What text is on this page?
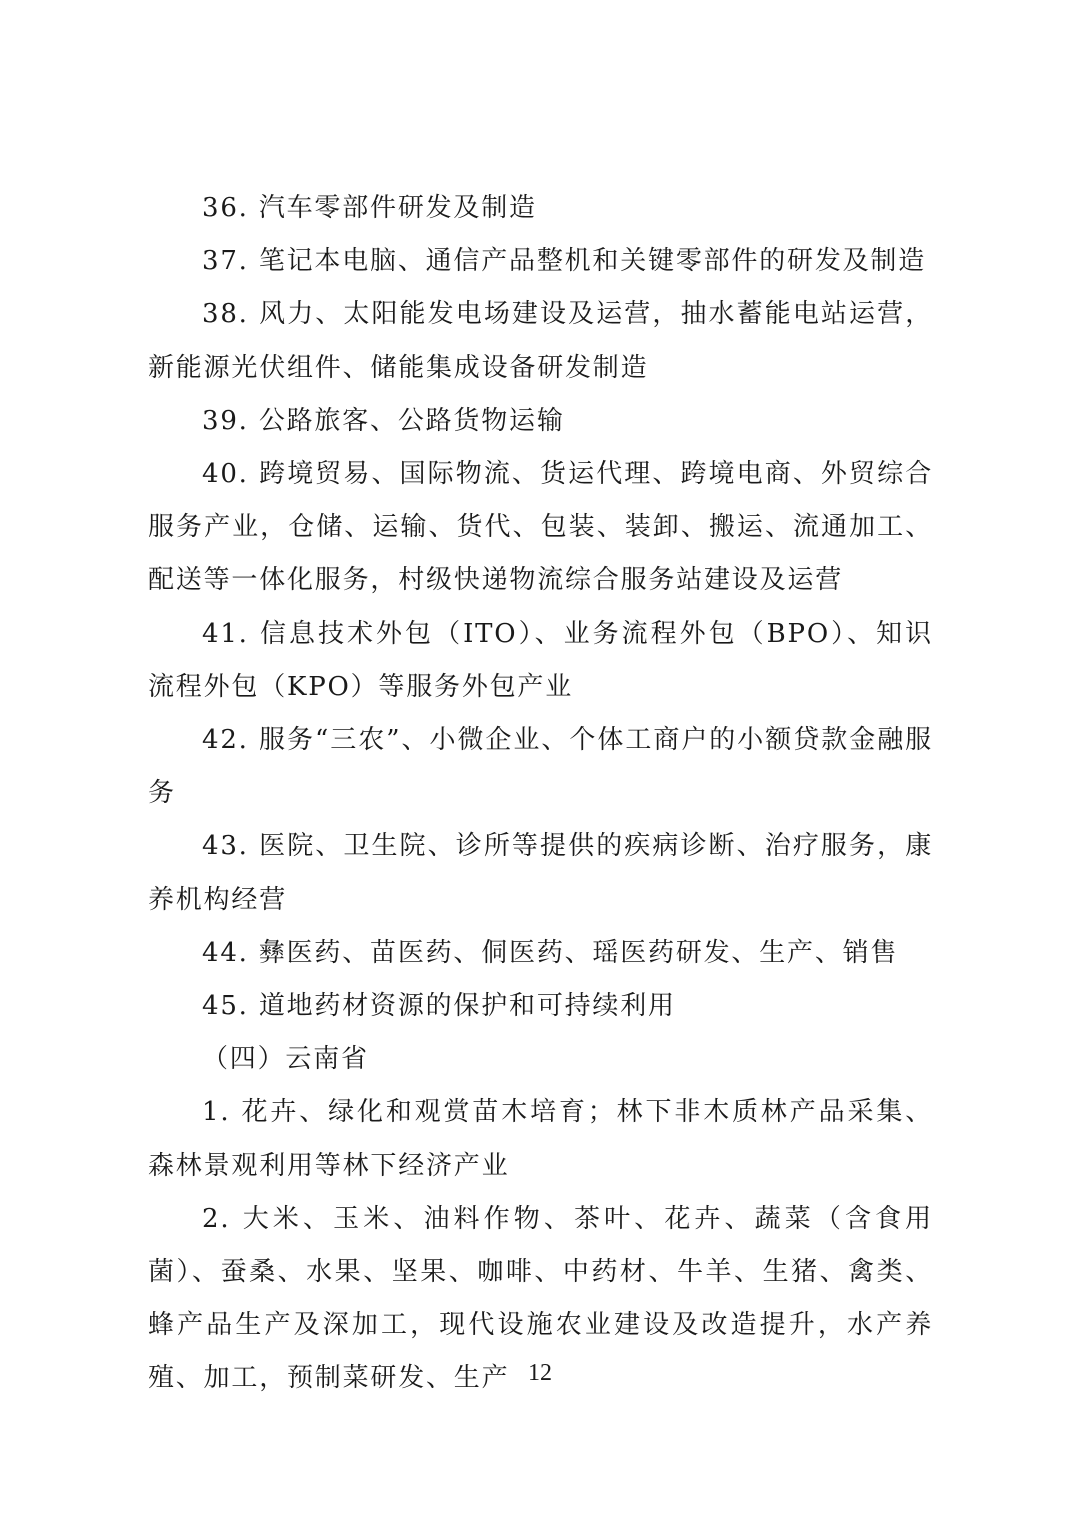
36. 汽车零部件研发及制造

37. 笔记本电脑、通信产品整机和关键零部件的研发及制造

38. 风力、太阳能发电场建设及运营，抽水蓄能电站运营，新能源光伏组件、储能集成设备研发制造

39. 公路旅客、公路货物运输

40. 跨境贸易、国际物流、货运代理、跨境电商、外贸综合服务产业，仓储、运输、货代、包装、装卸、搬运、流通加工、配送等一体化服务，村级快递物流综合服务站建设及运营

41. 信息技术外包（ITO）、业务流程外包（BPO）、知识流程外包（KPO）等服务外包产业

42. 服务“三农”、小微企业、个体工商户的小额贷款金融服务

43. 医院、卫生院、诊所等提供的疾病诊断、治疗服务，康养机构经营

44. 彝医药、苗医药、侗医药、瑶医药研发、生产、销售

45. 道地药材资源的保护和可持续利用

（四）云南省

1. 花卉、绿化和观赏苗木培育；林下非木质林产品采集、森林景观利用等林下经济产业

2. 大米、玉米、油料作物、茶叶、花卉、蔬菜（含食用菌）、蚕桑、水果、坚果、咖啡、中药材、牛羊、生猪、禽类、蜂产品生产及深加工，现代设施农业建设及改造提升，水产养殖、加工，预制菜研发、生产 12
